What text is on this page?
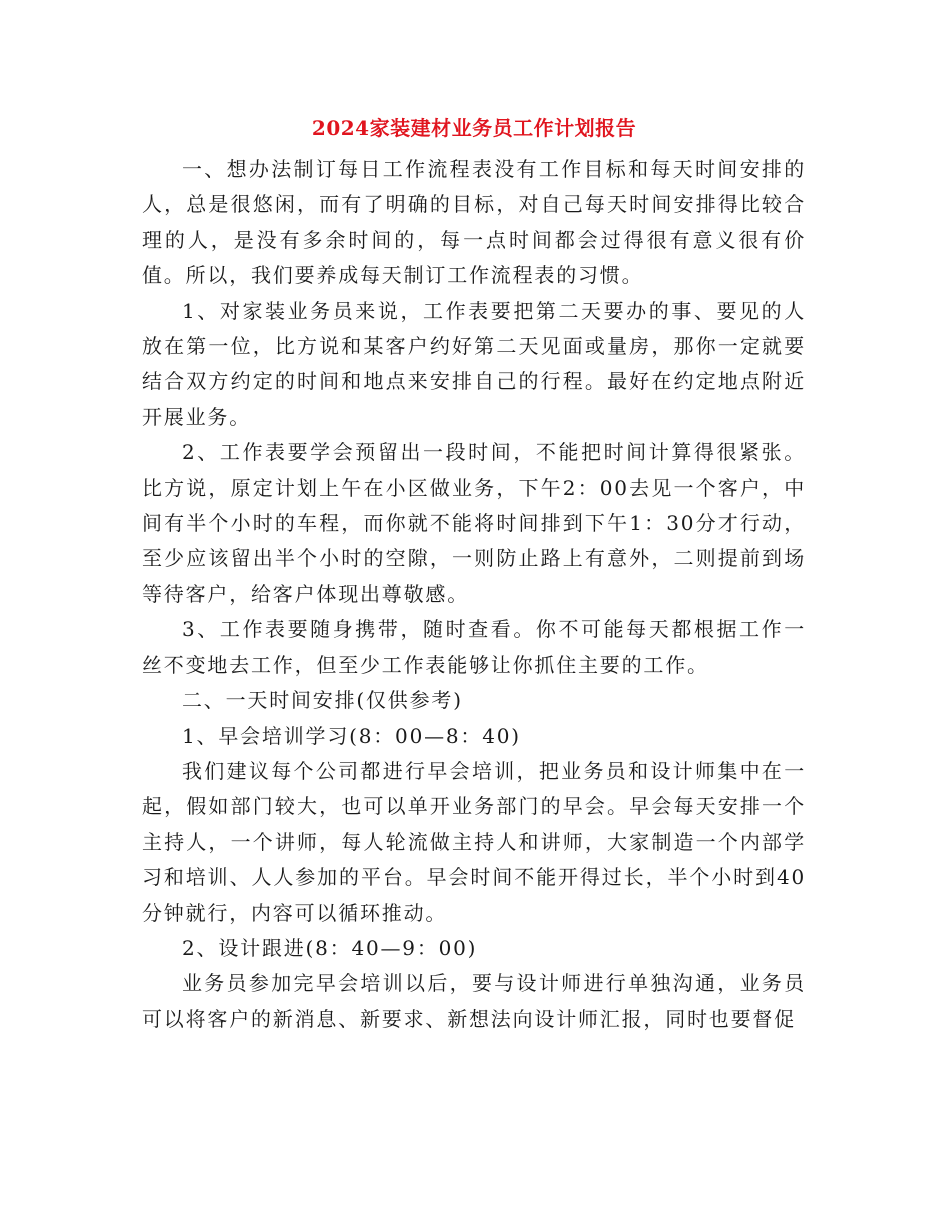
2024家装建材业务员工作计划报告

一、想办法制订每日工作流程表没有工作目标和每天时间安排的人，总是很悠闲，而有了明确的目标，对自己每天时间安排得比较合理的人，是没有多余时间的，每一点时间都会过得很有意义很有价值。所以，我们要养成每天制订工作流程表的习惯。

1、对家装业务员来说，工作表要把第二天要办的事、要见的人放在第一位，比方说和某客户约好第二天见面或量房，那你一定就要结合双方约定的时间和地点来安排自己的行程。最好在约定地点附近开展业务。

2、工作表要学会预留出一段时间，不能把时间计算得很紧张。比方说，原定计划上午在小区做业务，下午2：00去见一个客户，中间有半个小时的车程，而你就不能将时间排到下午1：30分才行动，至少应该留出半个小时的空隙，一则防止路上有意外，二则提前到场等待客户，给客户体现出尊敬感。

3、工作表要随身携带，随时查看。你不可能每天都根据工作一丝不变地去工作，但至少工作表能够让你抓住主要的工作。

二、一天时间安排(仅供参考)

1、早会培训学习(8：00—8：40)

我们建议每个公司都进行早会培训，把业务员和设计师集中在一起，假如部门较大，也可以单开业务部门的早会。早会每天安排一个主持人，一个讲师，每人轮流做主持人和讲师，大家制造一个内部学习和培训、人人参加的平台。早会时间不能开得过长，半个小时到40分钟就行，内容可以循环推动。

2、设计跟进(8：40—9：00)

业务员参加完早会培训以后，要与设计师进行单独沟通，业务员可以将客户的新消息、新要求、新想法向设计师汇报，同时也要督促
